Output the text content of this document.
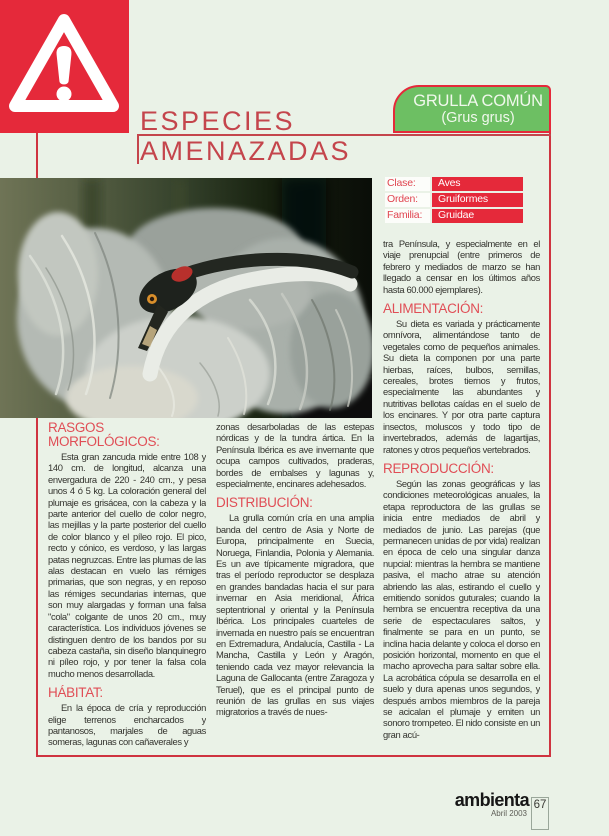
ESPECIES
AMENAZADAS
GRULLA COMÚN
(Grus grus)
Clase:	Aves
Orden:	Gruiformes
Familia:	Gruidae
RASGOS MORFOLÓGICOS:

Esta gran zancuda mide entre 108 y 140 cm. de longitud, alcanza una envergadura de 220 - 240 cm., y pesa unos 4 ó 5 kg. La coloración general del plumaje es grisácea, con la cabeza y la parte anterior del cuello de color negro, las mejillas y la parte posterior del cuello de color blanco y el píleo rojo. El pico, recto y cónico, es verdoso, y las largas patas negruzcas. Entre las plumas de las alas destacan en vuelo las rémiges primarias, que son negras, y en reposo las rémiges secundarias internas, que son muy alargadas y forman una falsa "cola" colgante de unos 20 cm., muy característica. Los individuos jóvenes se distinguen dentro de los bandos por su cabeza castaña, sin diseño blanquinegro ni píleo rojo, y por tener la falsa cola mucho menos desarrollada.

HÁBITAT:

En la época de cría y reproducción elige terrenos encharcados y pantanosos, marjales de aguas someras, lagunas con cañaverales y

zonas desarboladas de las estepas nórdicas y de la tundra ártica. En la Península Ibérica es ave invernante que ocupa campos cultivados, praderas, bordes de embalses y lagunas y, especialmente, encinares adehesados.

DISTRIBUCIÓN:

La grulla común cría en una amplia banda del centro de Asia y Norte de Europa, principalmente en Suecia, Noruega, Finlandia, Polonia y Alemania. Es un ave típicamente migradora, que tras el período reproductor se desplaza en grandes bandadas hacia el sur para invernar en Asia meridional, África septentrional y oriental y la Península Ibérica. Los principales cuarteles de invernada en nuestro país se encuentran en Extremadura, Andalucía, Castilla - La Mancha, Castilla y León y Aragón, teniendo cada vez mayor relevancia la Laguna de Gallocanta (entre Zaragoza y Teruel), que es el principal punto de reunión de las grullas en sus viajes migratorios a través de nues-

tra Península, y especialmente en el viaje prenupcial (entre primeros de febrero y mediados de marzo se han llegado a censar en los últimos años hasta 60.000 ejemplares).

ALIMENTACIÓN:

Su dieta es variada y prácticamente omnívora, alimentándose tanto de vegetales como de pequeños animales. Su dieta la componen por una parte hierbas, raíces, bulbos, semillas, cereales, brotes tiernos y frutos, especialmente las abundantes y nutritivas bellotas caídas en el suelo de los encinares. Y por otra parte captura insectos, moluscos y todo tipo de invertebrados, además de lagartijas, ratones y otros pequeños vertebrados.

REPRODUCCIÓN:

Según las zonas geográficas y las condiciones meteorológicas anuales, la etapa reproductora de las grullas se inicia entre mediados de abril y mediados de junio. Las parejas (que permanecen unidas de por vida) realizan en época de celo una singular danza nupcial: mientras la hembra se mantiene pasiva, el macho atrae su atención abriendo las alas, estirando el cuello y emitiendo sonidos guturales; cuando la hembra se encuentra receptiva da una serie de espectaculares saltos, y finalmente se para en un punto, se inclina hacia delante y coloca el dorso en posición horizontal, momento en que el macho aprovecha para saltar sobre ella. La acrobática cópula se desarrolla en el suelo y dura apenas unos segundos, y después ambos miembros de la pareja se acicalan el plumaje y emiten un sonoro trompeteo. El nido consiste en un gran acú-

ambienta
Abril 2003
67
